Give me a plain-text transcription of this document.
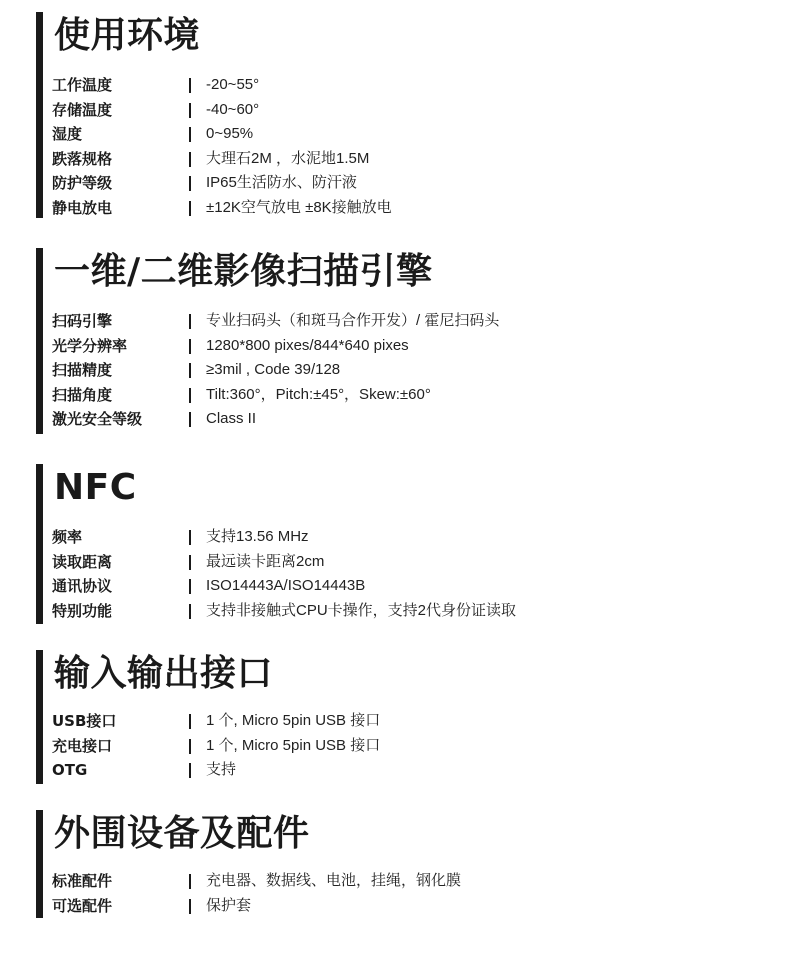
使用环境
工作温度	-20~55°
存储温度	-40~60°
湿度	0~95%
跌落规格	大理石2M ，水泥地1.5M
防护等级	IP65生活防水、防汗液
静电放电	±12K空气放电 ±8K接触放电
一维/二维影像扫描引擎
扫码引擎	专业扫码头（和斑马合作开发）/ 霍尼扫码头
光学分辨率	1280*800 pixes/844*640 pixes
扫描精度	≥3mil , Code 39/128
扫描角度	Tilt:360°，Pitch:±45°，Skew:±60°
激光安全等级	Class II
NFC
频率	支持13.56 MHz
读取距离	最远读卡距离2cm
通讯协议	ISO14443A/ISO14443B
特别功能	支持非接触式CPU卡操作，支持2代身份证读取
输入输出接口
USB接口	1 个, Micro 5pin USB 接口
充电接口	1 个, Micro 5pin USB 接口
OTG	支持
外围设备及配件
标准配件	充电器、数据线、电池，挂绳，钢化膜
可选配件	保护套
